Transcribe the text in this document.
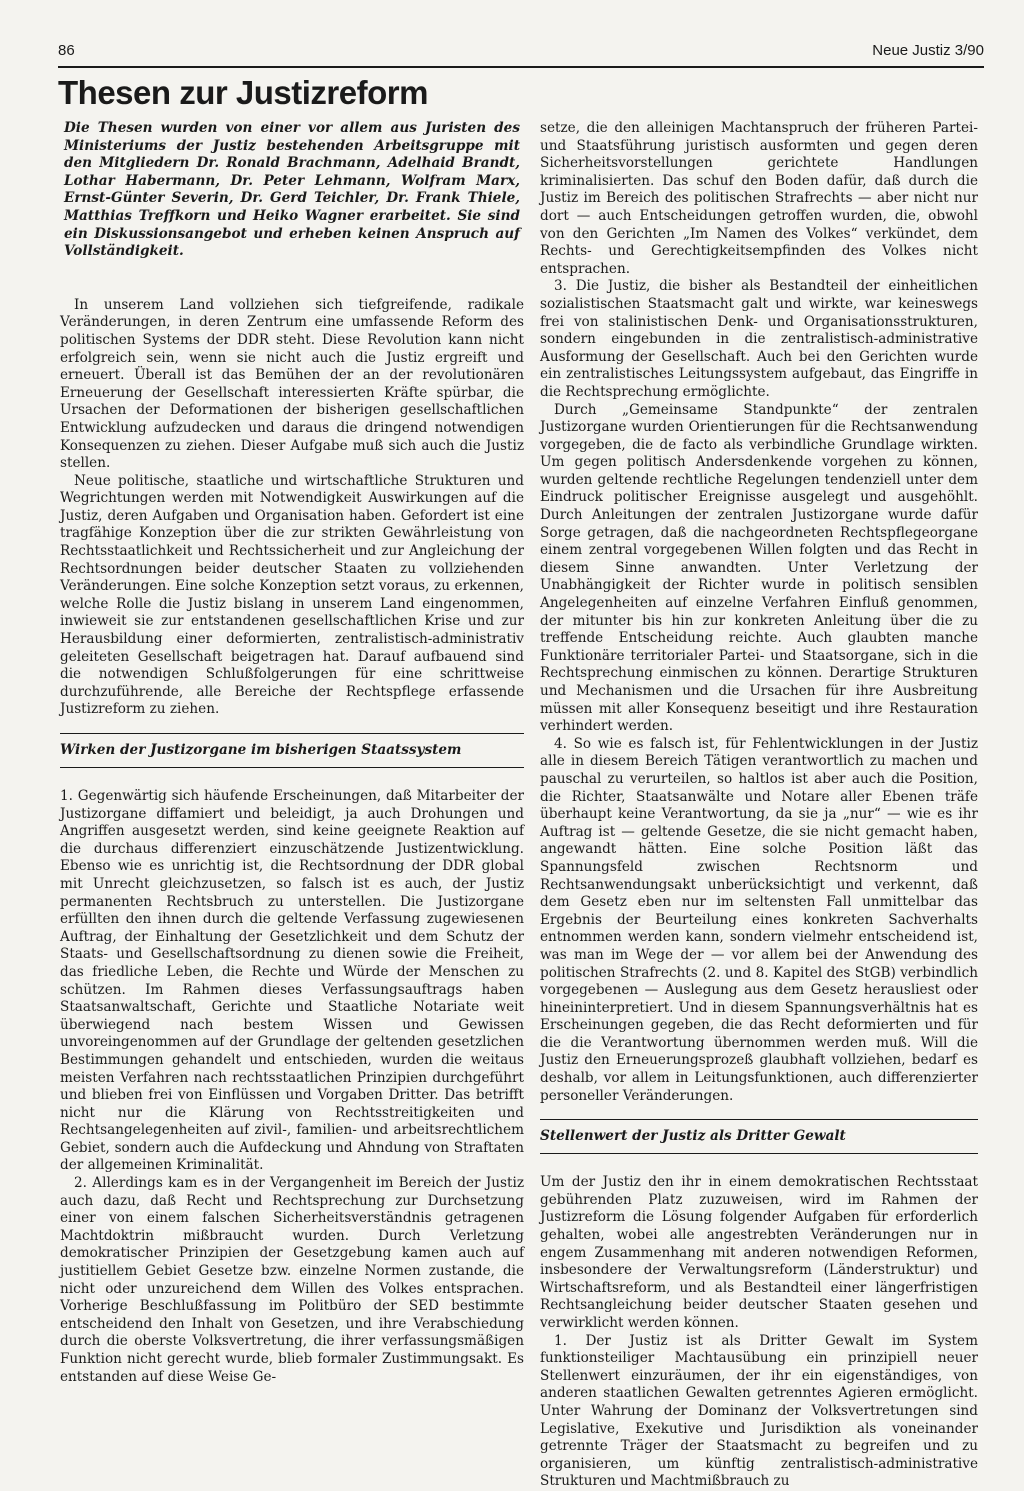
86	Neue Justiz 3/90
Thesen zur Justizreform

Die Thesen wurden von einer vor allem aus Juristen des Ministeriums der Justiz bestehenden Arbeitsgruppe mit den Mitgliedern Dr. Ronald Brachmann, Adelhaid Brandt, Lothar Habermann, Dr. Peter Lehmann, Wolfram Marx, Ernst-Günter Severin, Dr. Gerd Teichler, Dr. Frank Thiele, Matthias Treffkorn und Heiko Wagner erarbeitet. Sie sind ein Diskussionsangebot und erheben keinen Anspruch auf Vollständigkeit.

In unserem Land vollziehen sich tiefgreifende, radikale Veränderungen, in deren Zentrum eine umfassende Reform des politischen Systems der DDR steht. Diese Revolution kann nicht erfolgreich sein, wenn sie nicht auch die Justiz ergreift und erneuert. Überall ist das Bemühen der an der revolutionären Erneuerung der Gesellschaft interessierten Kräfte spürbar, die Ursachen der Deformationen der bisherigen gesellschaftlichen Entwicklung aufzudecken und daraus die dringend notwendigen Konsequenzen zu ziehen. Dieser Aufgabe muß sich auch die Justiz stellen.

Neue politische, staatliche und wirtschaftliche Strukturen und Wegrichtungen werden mit Notwendigkeit Auswirkungen auf die Justiz, deren Aufgaben und Organisation haben. Gefordert ist eine tragfähige Konzeption über die zur strikten Gewährleistung von Rechtsstaatlichkeit und Rechtssicherheit und zur Angleichung der Rechtsordnungen beider deutscher Staaten zu vollziehenden Veränderungen. Eine solche Konzeption setzt voraus, zu erkennen, welche Rolle die Justiz bislang in unserem Land eingenommen, inwieweit sie zur entstandenen gesellschaftlichen Krise und zur Herausbildung einer deformierten, zentralistisch-administrativ geleiteten Gesellschaft beigetragen hat. Darauf aufbauend sind die notwendigen Schlußfolgerungen für eine schrittweise durchzuführende, alle Bereiche der Rechtspflege erfassende Justizreform zu ziehen.

Wirken der Justizorgane im bisherigen Staatssystem

1. Gegenwärtig sich häufende Erscheinungen, daß Mitarbeiter der Justizorgane diffamiert und beleidigt, ja auch Drohungen und Angriffen ausgesetzt werden, sind keine geeignete Reaktion auf die durchaus differenziert einzuschätzende Justizentwicklung. Ebenso wie es unrichtig ist, die Rechtsordnung der DDR global mit Unrecht gleichzusetzen, so falsch ist es auch, der Justiz permanenten Rechtsbruch zu unterstellen. Die Justizorgane erfüllten den ihnen durch die geltende Verfassung zugewiesenen Auftrag, der Einhaltung der Gesetzlichkeit und dem Schutz der Staats- und Gesellschaftsordnung zu dienen sowie die Freiheit, das friedliche Leben, die Rechte und Würde der Menschen zu schützen. Im Rahmen dieses Verfassungsauftrags haben Staatsanwaltschaft, Gerichte und Staatliche Notariate weit überwiegend nach bestem Wissen und Gewissen unvoreingenommen auf der Grundlage der geltenden gesetzlichen Bestimmungen gehandelt und entschieden, wurden die weitaus meisten Verfahren nach rechtsstaatlichen Prinzipien durchgeführt und blieben frei von Einflüssen und Vorgaben Dritter. Das betrifft nicht nur die Klärung von Rechtsstreitigkeiten und Rechtsangelegenheiten auf zivil-, familien- und arbeitsrechtlichem Gebiet, sondern auch die Aufdeckung und Ahndung von Straftaten der allgemeinen Kriminalität.

2. Allerdings kam es in der Vergangenheit im Bereich der Justiz auch dazu, daß Recht und Rechtsprechung zur Durchsetzung einer von einem falschen Sicherheitsverständnis getragenen Machtdoktrin mißbraucht wurden. Durch Verletzung demokratischer Prinzipien der Gesetzgebung kamen auch auf justitiellem Gebiet Gesetze bzw. einzelne Normen zustande, die nicht oder unzureichend dem Willen des Volkes entsprachen. Vorherige Beschlußfassung im Politbüro der SED bestimmte entscheidend den Inhalt von Gesetzen, und ihre Verabschiedung durch die oberste Volksvertretung, die ihrer verfassungsmäßigen Funktion nicht gerecht wurde, blieb formaler Zustimmungsakt. Es entstanden auf diese Weise Ge-

setze, die den alleinigen Machtanspruch der früheren Partei- und Staatsführung juristisch ausformten und gegen deren Sicherheitsvorstellungen gerichtete Handlungen kriminalisierten. Das schuf den Boden dafür, daß durch die Justiz im Bereich des politischen Strafrechts — aber nicht nur dort — auch Entscheidungen getroffen wurden, die, obwohl von den Gerichten „Im Namen des Volkes“ verkündet, dem Rechts- und Gerechtigkeitsempfinden des Volkes nicht entsprachen.

3. Die Justiz, die bisher als Bestandteil der einheitlichen sozialistischen Staatsmacht galt und wirkte, war keineswegs frei von stalinistischen Denk- und Organisationsstrukturen, sondern eingebunden in die zentralistisch-administrative Ausformung der Gesellschaft. Auch bei den Gerichten wurde ein zentralistisches Leitungssystem aufgebaut, das Eingriffe in die Rechtsprechung ermöglichte.

Durch „Gemeinsame Standpunkte“ der zentralen Justizorgane wurden Orientierungen für die Rechtsanwendung vorgegeben, die de facto als verbindliche Grundlage wirkten. Um gegen politisch Andersdenkende vorgehen zu können, wurden geltende rechtliche Regelungen tendenziell unter dem Eindruck politischer Ereignisse ausgelegt und ausgehöhlt. Durch Anleitungen der zentralen Justizorgane wurde dafür Sorge getragen, daß die nachgeordneten Rechtspflegeorgane einem zentral vorgegebenen Willen folgten und das Recht in diesem Sinne anwandten. Unter Verletzung der Unabhängigkeit der Richter wurde in politisch sensiblen Angelegenheiten auf einzelne Verfahren Einfluß genommen, der mitunter bis hin zur konkreten Anleitung über die zu treffende Entscheidung reichte. Auch glaubten manche Funktionäre territorialer Partei- und Staatsorgane, sich in die Rechtsprechung einmischen zu können. Derartige Strukturen und Mechanismen und die Ursachen für ihre Ausbreitung müssen mit aller Konsequenz beseitigt und ihre Restauration verhindert werden.

4. So wie es falsch ist, für Fehlentwicklungen in der Justiz alle in diesem Bereich Tätigen verantwortlich zu machen und pauschal zu verurteilen, so haltlos ist aber auch die Position, die Richter, Staatsanwälte und Notare aller Ebenen träfe überhaupt keine Verantwortung, da sie ja „nur“ — wie es ihr Auftrag ist — geltende Gesetze, die sie nicht gemacht haben, angewandt hätten. Eine solche Position läßt das Spannungsfeld zwischen Rechtsnorm und Rechtsanwendungsakt unberücksichtigt und verkennt, daß dem Gesetz eben nur im seltensten Fall unmittelbar das Ergebnis der Beurteilung eines konkreten Sachverhalts entnommen werden kann, sondern vielmehr entscheidend ist, was man im Wege der — vor allem bei der Anwendung des politischen Strafrechts (2. und 8. Kapitel des StGB) verbindlich vorgegebenen — Auslegung aus dem Gesetz herausliest oder hineininterpretiert. Und in diesem Spannungsverhältnis hat es Erscheinungen gegeben, die das Recht deformierten und für die die Verantwortung übernommen werden muß. Will die Justiz den Erneuerungsprozeß glaubhaft vollziehen, bedarf es deshalb, vor allem in Leitungsfunktionen, auch differenzierter personeller Veränderungen.

Stellenwert der Justiz als Dritter Gewalt

Um der Justiz den ihr in einem demokratischen Rechtsstaat gebührenden Platz zuzuweisen, wird im Rahmen der Justizreform die Lösung folgender Aufgaben für erforderlich gehalten, wobei alle angestrebten Veränderungen nur in engem Zusammenhang mit anderen notwendigen Reformen, insbesondere der Verwaltungsreform (Länderstruktur) und Wirtschaftsreform, und als Bestandteil einer längerfristigen Rechtsangleichung beider deutscher Staaten gesehen und verwirklicht werden können.

1. Der Justiz ist als Dritter Gewalt im System funktionsteiliger Machtausübung ein prinzipiell neuer Stellenwert einzuräumen, der ihr ein eigenständiges, von anderen staatlichen Gewalten getrenntes Agieren ermöglicht. Unter Wahrung der Dominanz der Volksvertretungen sind Legislative, Exekutive und Jurisdiktion als voneinander getrennte Träger der Staatsmacht zu begreifen und zu organisieren, um künftig zentralistisch-administrative Strukturen und Machtmißbrauch zu
